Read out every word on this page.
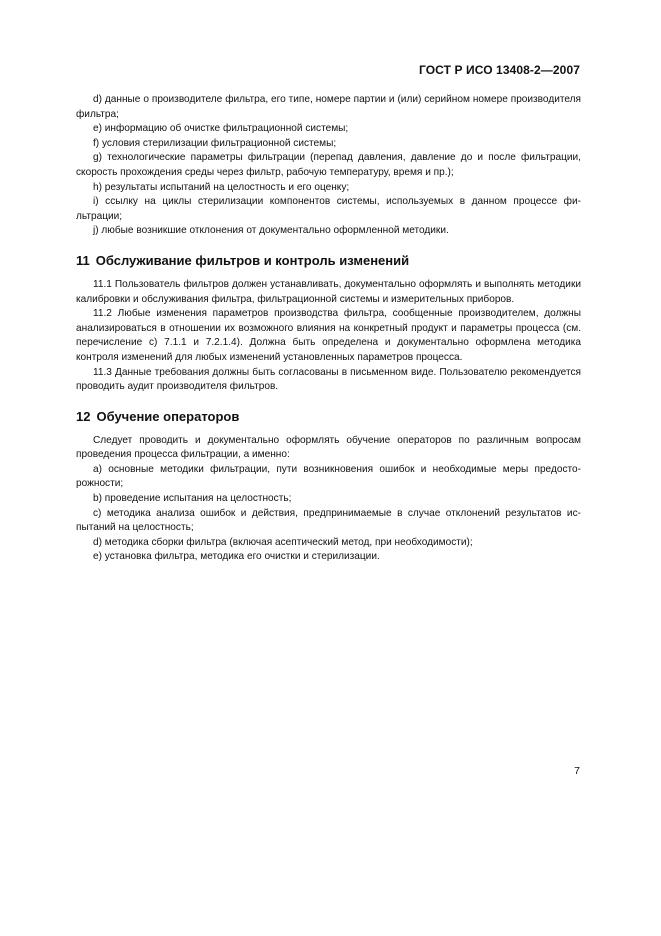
ГОСТ Р ИСО 13408-2—2007

d) данные о производителе фильтра, его типе, номере партии и (или) серийном номере производителя фильтра;

e) информацию об очистке фильтрационной системы;

f) условия стерилизации фильтрационной системы;

g) технологические параметры фильтрации (перепад давления, давление до и после фильтрации, скорость прохождения среды через фильтр, рабочую температуру, время и пр.);

h) результаты испытаний на целостность и его оценку;

i) ссылку на циклы стерилизации компонентов системы, используемых в данном процессе фильтрации;

j) любые возникшие отклонения от документально оформленной методики.

11 Обслуживание фильтров и контроль изменений

11.1 Пользователь фильтров должен устанавливать, документально оформлять и выполнять методики калибровки и обслуживания фильтра, фильтрационной системы и измерительных приборов.

11.2 Любые изменения параметров производства фильтра, сообщенные производителем, должны анализироваться в отношении их возможного влияния на конкретный продукт и параметры процесса (см. перечисление с) 7.1.1 и 7.2.1.4). Должна быть определена и документально оформлена методика контроля изменений для любых изменений установленных параметров процесса.

11.3 Данные требования должны быть согласованы в письменном виде. Пользователю рекомендуется проводить аудит производителя фильтров.

12 Обучение операторов

Следует проводить и документально оформлять обучение операторов по различным вопросам проведения процесса фильтрации, а именно:

a) основные методики фильтрации, пути возникновения ошибок и необходимые меры предосторожности;

b) проведение испытания на целостность;

c) методика анализа ошибок и действия, предпринимаемые в случае отклонений результатов испытаний на целостность;

d) методика сборки фильтра (включая асептический метод, при необходимости);

e) установка фильтра, методика его очистки и стерилизации.

7
